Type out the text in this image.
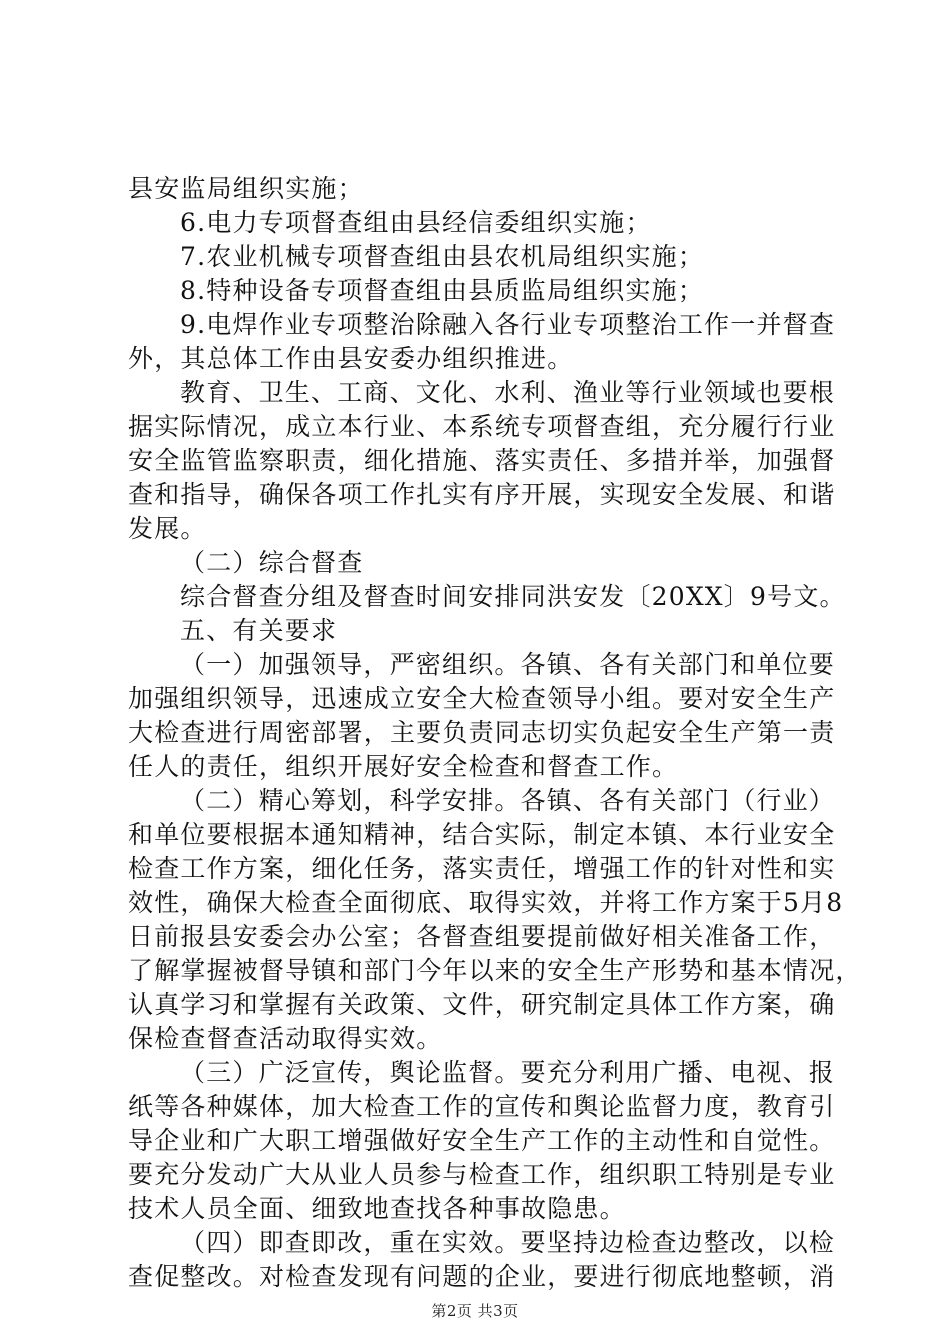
县安监局组织实施；
6.电力专项督查组由县经信委组织实施；
7.农业机械专项督查组由县农机局组织实施；
8.特种设备专项督查组由县质监局组织实施；
9.电焊作业专项整治除融入各行业专项整治工作一并督查
外，其总体工作由县安委办组织推进。
教育、卫生、工商、文化、水利、渔业等行业领域也要根
据实际情况，成立本行业、本系统专项督查组，充分履行行业
安全监管监察职责，细化措施、落实责任、多措并举，加强督
查和指导，确保各项工作扎实有序开展，实现安全发展、和谐
发展。
（二）综合督查
综合督查分组及督查时间安排同洪安发〔20XX〕9号文。
五、有关要求
（一）加强领导，严密组织。各镇、各有关部门和单位要
加强组织领导，迅速成立安全大检查领导小组。要对安全生产
大检查进行周密部署，主要负责同志切实负起安全生产第一责
任人的责任，组织开展好安全检查和督查工作。
（二）精心筹划，科学安排。各镇、各有关部门（行业）
和单位要根据本通知精神，结合实际，制定本镇、本行业安全
检查工作方案，细化任务，落实责任，增强工作的针对性和实
效性，确保大检查全面彻底、取得实效，并将工作方案于5月8
日前报县安委会办公室；各督查组要提前做好相关准备工作，
了解掌握被督导镇和部门今年以来的安全生产形势和基本情况，
认真学习和掌握有关政策、文件，研究制定具体工作方案，确
保检查督查活动取得实效。
（三）广泛宣传，舆论监督。要充分利用广播、电视、报
纸等各种媒体，加大检查工作的宣传和舆论监督力度，教育引
导企业和广大职工增强做好安全生产工作的主动性和自觉性。
要充分发动广大从业人员参与检查工作，组织职工特别是专业
技术人员全面、细致地查找各种事故隐患。
（四）即查即改，重在实效。要坚持边检查边整改，以检
查促整改。对检查发现有问题的企业，要进行彻底地整顿，消
第2页 共3页
